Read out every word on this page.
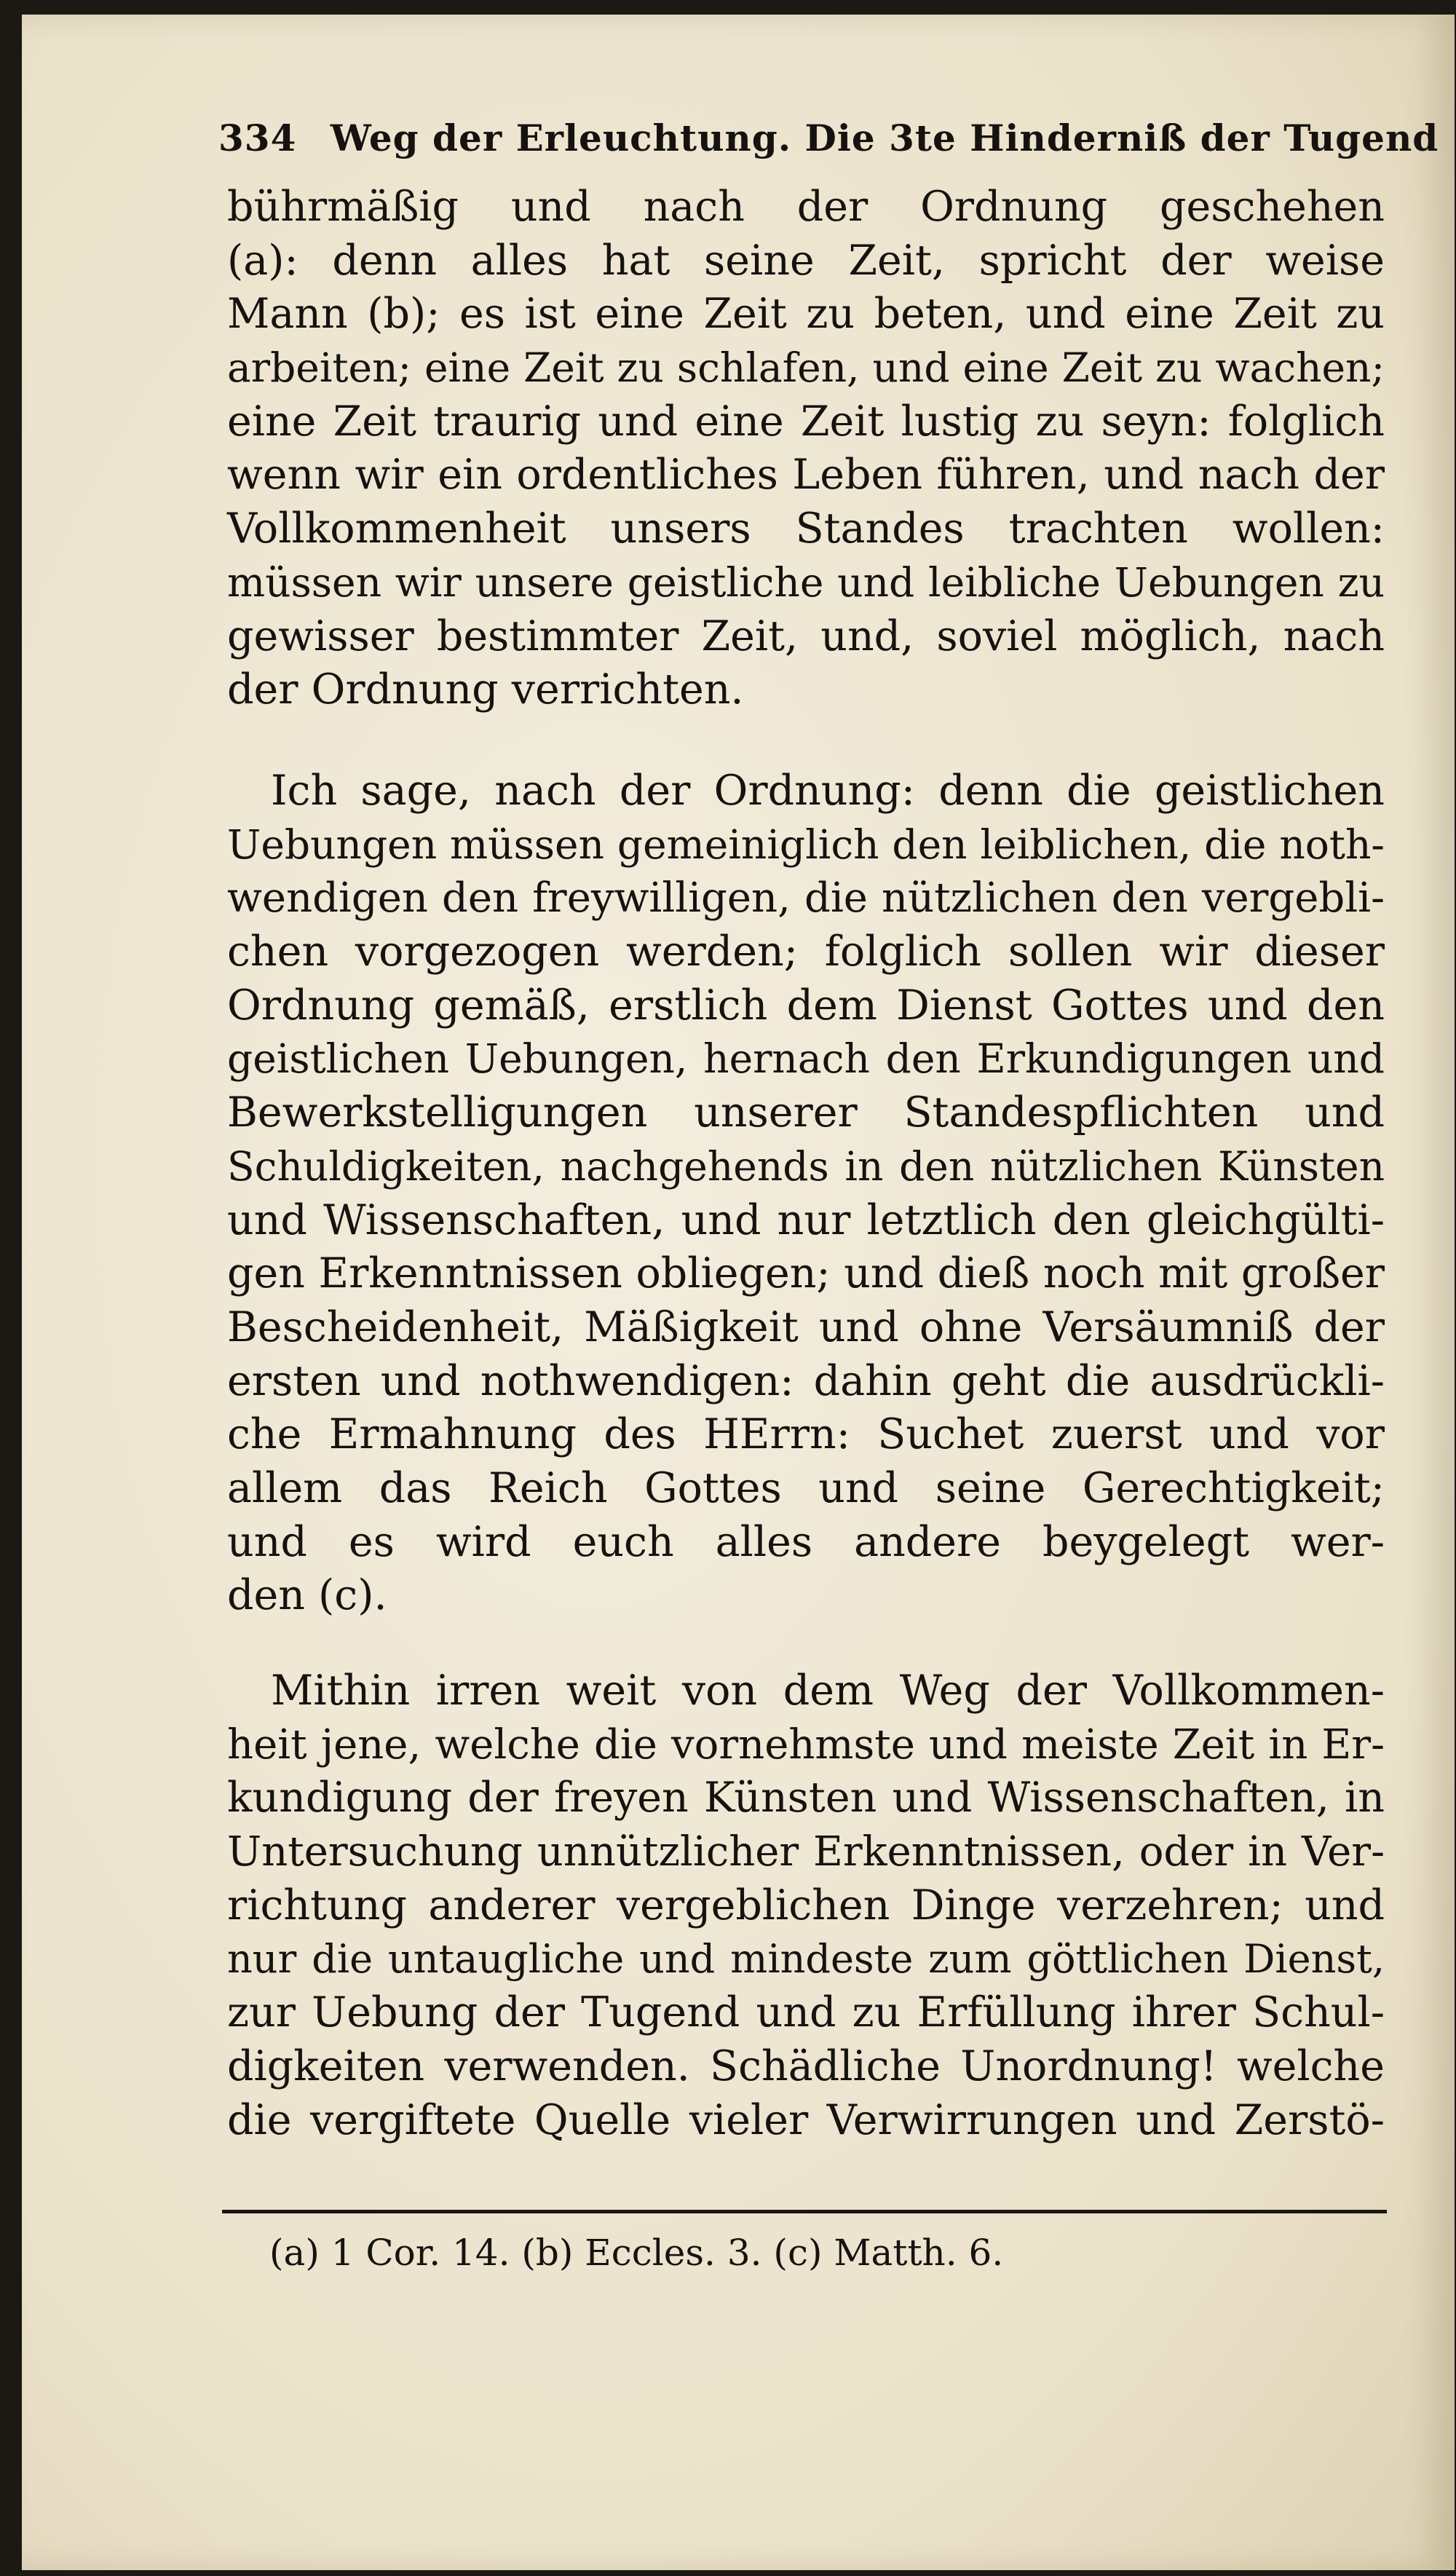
334 Weg der Erleuchtung. Die 3te Hinderniß der Tugend
bührmäßig und nach der Ordnung geschehen
(a): denn alles hat seine Zeit, spricht der weise
Mann (b); es ist eine Zeit zu beten, und eine Zeit zu
arbeiten; eine Zeit zu schlafen, und eine Zeit zu wachen;
eine Zeit traurig und eine Zeit lustig zu seyn: folglich
wenn wir ein ordentliches Leben führen, und nach der
Vollkommenheit unsers Standes trachten wollen:
müssen wir unsere geistliche und leibliche Uebungen zu
gewisser bestimmter Zeit, und, soviel möglich, nach
der Ordnung verrichten.
Ich sage, nach der Ordnung: denn die geistlichen
Uebungen müssen gemeiniglich den leiblichen, die noth-
wendigen den freywilligen, die nützlichen den vergebli-
chen vorgezogen werden; folglich sollen wir dieser
Ordnung gemäß, erstlich dem Dienst Gottes und den
geistlichen Uebungen, hernach den Erkundigungen und
Bewerkstelligungen unserer Standespflichten und
Schuldigkeiten, nachgehends in den nützlichen Künsten
und Wissenschaften, und nur letztlich den gleichgülti-
gen Erkenntnissen obliegen; und dieß noch mit großer
Bescheidenheit, Mäßigkeit und ohne Versäumniß der
ersten und nothwendigen: dahin geht die ausdrückli-
che Ermahnung des HErrn: Suchet zuerst und vor
allem das Reich Gottes und seine Gerechtigkeit;
und es wird euch alles andere beygelegt wer-
den (c).
Mithin irren weit von dem Weg der Vollkommen-
heit jene, welche die vornehmste und meiste Zeit in Er-
kundigung der freyen Künsten und Wissenschaften, in
Untersuchung unnützlicher Erkenntnissen, oder in Ver-
richtung anderer vergeblichen Dinge verzehren; und
nur die untaugliche und mindeste zum göttlichen Dienst,
zur Uebung der Tugend und zu Erfüllung ihrer Schul-
digkeiten verwenden. Schädliche Unordnung! welche
die vergiftete Quelle vieler Verwirrungen und Zerstö-
(a) 1 Cor. 14. (b) Eccles. 3. (c) Matth. 6.
